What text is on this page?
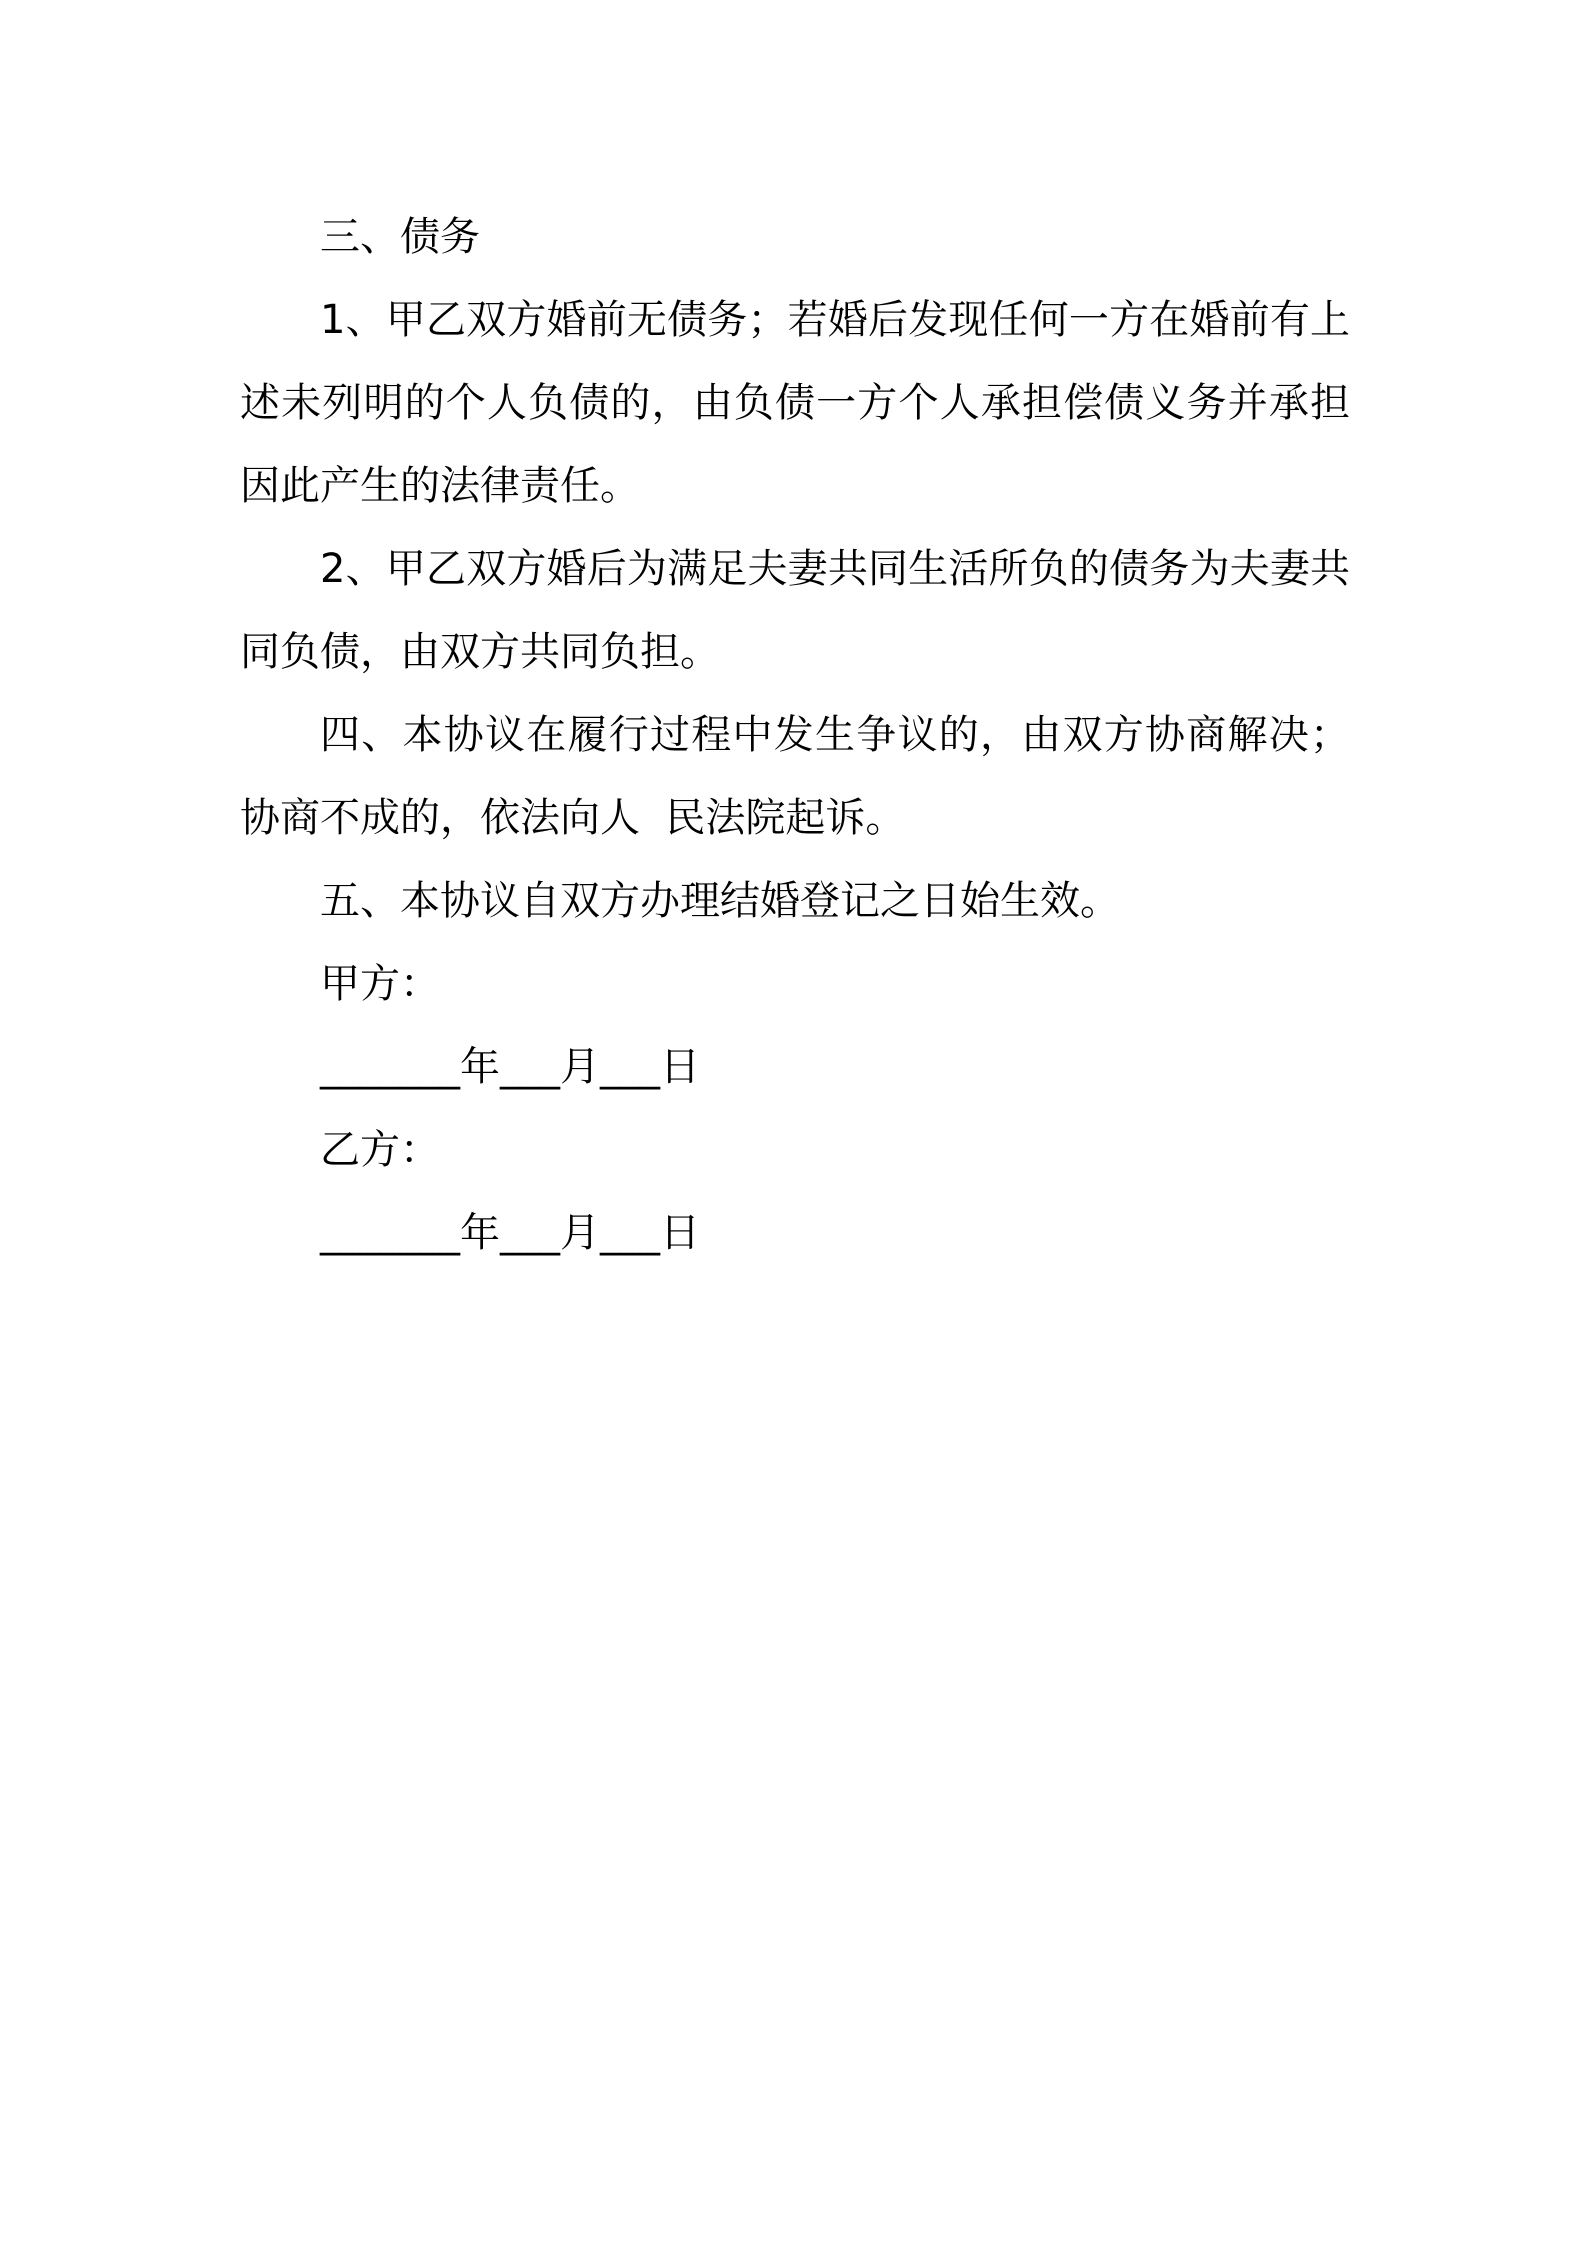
三、债务

1、甲乙双方婚前无债务；若婚后发现任何一方在婚前有上述未列明的个人负债的，由负债一方个人承担偿债义务并承担因此产生的法律责任。

2、甲乙双方婚后为满足夫妻共同生活所负的债务为夫妻共同负债，由双方共同负担。

四、本协议在履行过程中发生争议的，由双方协商解决；协商不成的，依法向人  民法院起诉。

五、本协议自双方办理结婚登记之日始生效。

甲方：

_______年___月___日

乙方：

_______年___月___日
